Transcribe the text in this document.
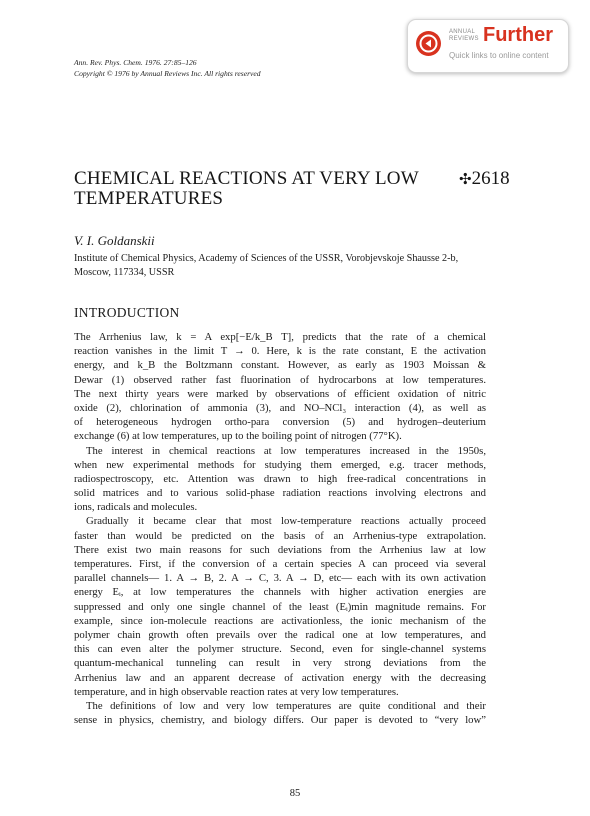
Ann. Rev. Phys. Chem. 1976. 27:85–126
Copyright © 1976 by Annual Reviews Inc. All rights reserved
ANNUAL
REVIEWS Further
Quick links to online content
CHEMICAL REACTIONS AT VERY LOW
TEMPERATURES
✣2618
V. I. Goldanskii
Institute of Chemical Physics, Academy of Sciences of the USSR, Vorobjevskoje Shausse 2-b,
Moscow, 117334, USSR
INTRODUCTION
The Arrhenius law, k = A exp[−E/k_B T], predicts that the rate of a chemical
reaction vanishes in the limit T → 0. Here, k is the rate constant, E the activation
energy, and k_B the Boltzmann constant. However, as early as 1903 Moissan &
Dewar (1) observed rather fast fluorination of hydrocarbons at low temperatures.
The next thirty years were marked by observations of efficient oxidation of nitric
oxide (2), chlorination of ammonia (3), and NO–NCl₃ interaction (4), as well as
of heterogeneous hydrogen ortho-para conversion (5) and hydrogen–deuterium
exchange (6) at low temperatures, up to the boiling point of nitrogen (77°K).
The interest in chemical reactions at low temperatures increased in the 1950s,
when new experimental methods for studying them emerged, e.g. tracer methods,
radiospectroscopy, etc. Attention was drawn to high free-radical concentrations in
solid matrices and to various solid-phase radiation reactions involving electrons and
ions, radicals and molecules.
Gradually it became clear that most low-temperature reactions actually proceed
faster than would be predicted on the basis of an Arrhenius-type extrapolation.
There exist two main reasons for such deviations from the Arrhenius law at low
temperatures. First, if the conversion of a certain species A can proceed via several
parallel channels— 1. A → B, 2. A → C, 3. A → D, etc— each with its own activation
energy Eᵢ, at low temperatures the channels with higher activation energies are
suppressed and only one single channel of the least (Eᵢ)min magnitude remains. For
example, since ion-molecule reactions are activationless, the ionic mechanism of the
polymer chain growth often prevails over the radical one at low temperatures, and
this can even alter the polymer structure. Second, even for single-channel systems
quantum-mechanical tunneling can result in very strong deviations from the
Arrhenius law and an apparent decrease of activation energy with the decreasing
temperature, and in high observable reaction rates at very low temperatures.
The definitions of low and very low temperatures are quite conditional and their
sense in physics, chemistry, and biology differs. Our paper is devoted to “very low”
85
